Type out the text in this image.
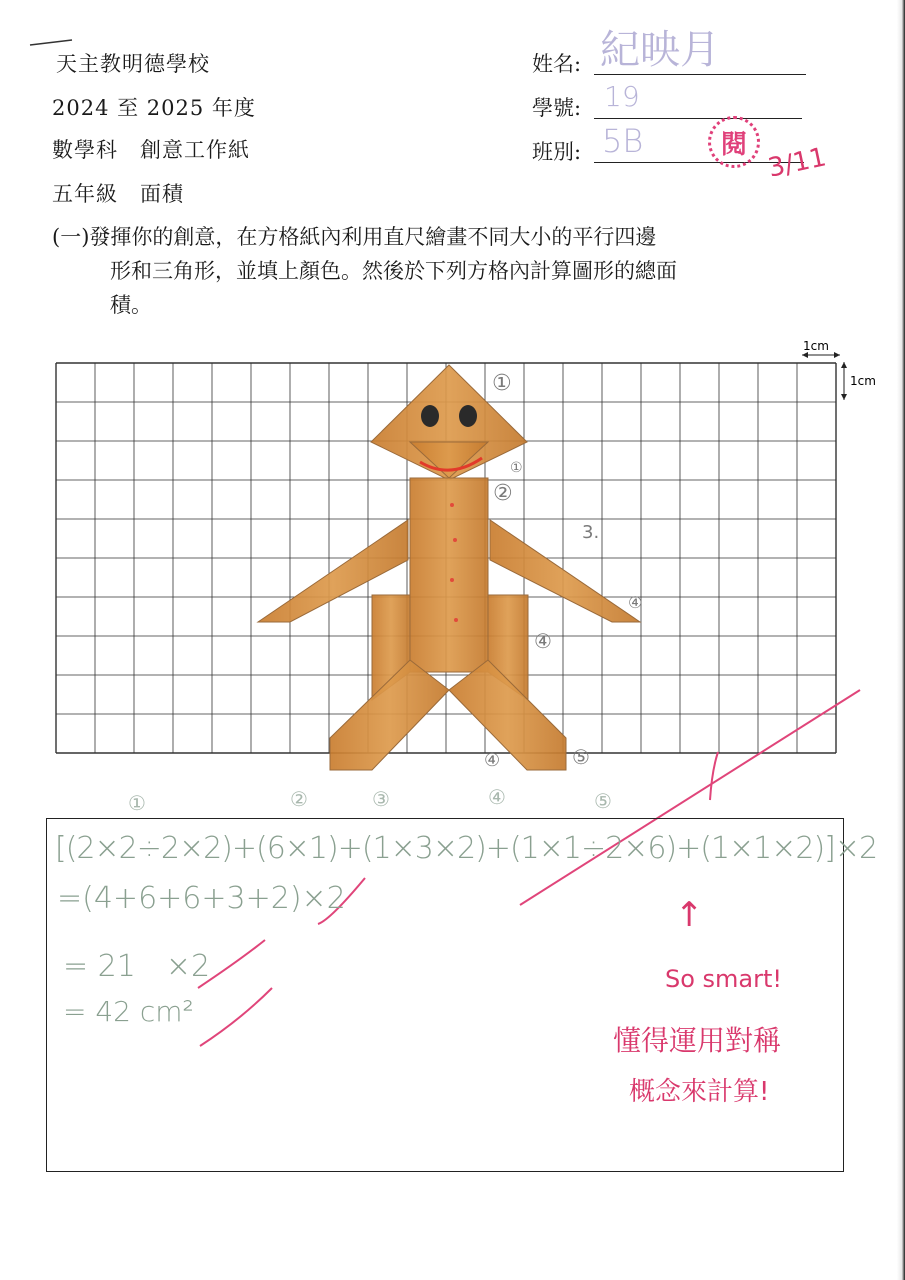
天主教明德學校
2024 至 2025 年度
數學科　創意工作紙
五年級　面積
姓名: 紀映月
學號: 19
班別: 5B	閱 3/11
(一)發揮你的創意，在方格紙內利用直尺繪畫不同大小的平行四邊
形和三角形，並填上顏色。然後於下列方格內計算圖形的總面
積。
1cm
1cm
①
①
②
3.
④
④
④	⑤
①	②	③	④	⑤
[(2×2÷2×2)+(6×1)+(1×3×2)+(1×1÷2×6)+(1×1×2)]×2
=(4+6+6+3+2)×2
= 21　×2
= 42 cm²
↑
So smart!
懂得運用對稱
概念來計算!
